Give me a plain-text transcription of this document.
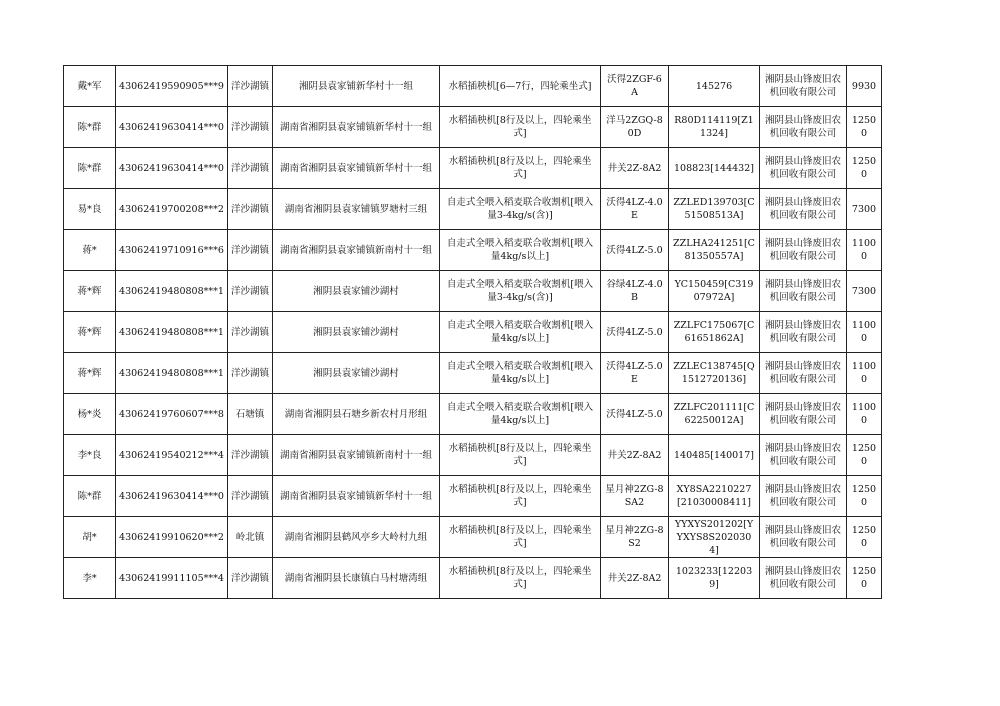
戴*军	43062419590905***9	洋沙湖镇	湘阴县袁家铺新华村十一组	水稻插秧机[6—7行，四轮乘坐式]	沃得2ZGF-6A	145276	湘阴县山锋废旧农机回收有限公司	9930
陈*群	43062419630414***0	洋沙湖镇	湖南省湘阴县袁家铺镇新华村十一组	水稻插秧机[8行及以上，四轮乘坐式]	洋马2ZGQ-80D	R80D114119[Z11324]	湘阴县山锋废旧农机回收有限公司	12500
陈*群	43062419630414***0	洋沙湖镇	湖南省湘阴县袁家铺镇新华村十一组	水稻插秧机[8行及以上，四轮乘坐式]	井关2Z-8A2	108823[144432]	湘阴县山锋废旧农机回收有限公司	12500
易*良	43062419700208***2	洋沙湖镇	湖南省湘阴县袁家铺镇罗塘村三组	自走式全喂入稻麦联合收割机[喂入量3-4kg/s(含)]	沃得4LZ-4.0E	ZZLED139703[C51508513A]	湘阴县山锋废旧农机回收有限公司	7300
蒋*	43062419710916***6	洋沙湖镇	湖南省湘阴县袁家铺镇新南村十一组	自走式全喂入稻麦联合收割机[喂入量4kg/s以上]	沃得4LZ-5.0	ZZLHA241251[C81350557A]	湘阴县山锋废旧农机回收有限公司	11000
蒋*辉	43062419480808***1	洋沙湖镇	湘阴县袁家铺沙湖村	自走式全喂入稻麦联合收割机[喂入量3-4kg/s(含)]	谷绿4LZ-4.0B	YC150459[C31907972A]	湘阴县山锋废旧农机回收有限公司	7300
蒋*辉	43062419480808***1	洋沙湖镇	湘阴县袁家铺沙湖村	自走式全喂入稻麦联合收割机[喂入量4kg/s以上]	沃得4LZ-5.0	ZZLFC175067[C61651862A]	湘阴县山锋废旧农机回收有限公司	11000
蒋*辉	43062419480808***1	洋沙湖镇	湘阴县袁家铺沙湖村	自走式全喂入稻麦联合收割机[喂入量4kg/s以上]	沃得4LZ-5.0E	ZZLEC138745[Q1512720136]	湘阴县山锋废旧农机回收有限公司	11000
杨*炎	43062419760607***8	石塘镇	湖南省湘阴县石塘乡新农村月形组	自走式全喂入稻麦联合收割机[喂入量4kg/s以上]	沃得4LZ-5.0	ZZLFC201111[C62250012A]	湘阴县山锋废旧农机回收有限公司	11000
李*良	43062419540212***4	洋沙湖镇	湖南省湘阴县袁家铺镇新南村十一组	水稻插秧机[8行及以上，四轮乘坐式]	井关2Z-8A2	140485[140017]	湘阴县山锋废旧农机回收有限公司	12500
陈*群	43062419630414***0	洋沙湖镇	湖南省湘阴县袁家铺镇新华村十一组	水稻插秧机[8行及以上，四轮乘坐式]	星月神2ZG-8SA2	XY8SA2210227[21030008411]	湘阴县山锋废旧农机回收有限公司	12500
胡*	43062419910620***2	岭北镇	湖南省湘阴县鹤风亭乡大岭村九组	水稻插秧机[8行及以上，四轮乘坐式]	星月神2ZG-8S2	YYXYS201202[YYXYS8S2020304]	湘阴县山锋废旧农机回收有限公司	12500
李*	43062419911105***4	洋沙湖镇	湖南省湘阴县长康镇白马村塘湾组	水稻插秧机[8行及以上，四轮乘坐式]	井关2Z-8A2	1023233[122039]	湘阴县山锋废旧农机回收有限公司	12500
